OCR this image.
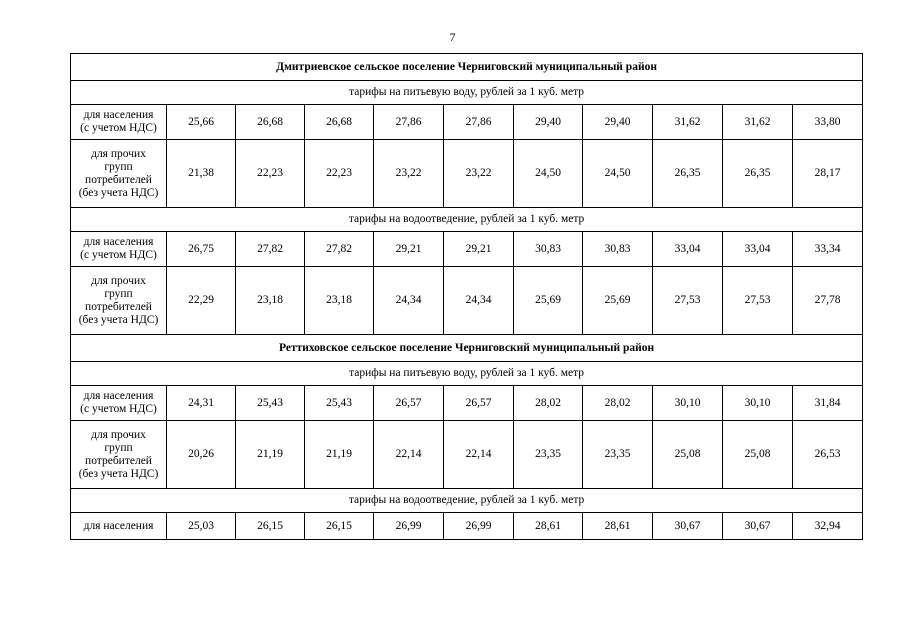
7
Дмитриевское сельское поселение Черниговский муниципальный район										
тарифы на питьевую воду, рублей за 1 куб. метр										
для населения
(с учетом НДС)	25,66	26,68	26,68	27,86	27,86	29,40	29,40	31,62	31,62	33,80
для прочих
групп
потребителей
(без учета НДС)	21,38	22,23	22,23	23,22	23,22	24,50	24,50	26,35	26,35	28,17
тарифы на водоотведение, рублей за 1 куб. метр										
для населения
(с учетом НДС)	26,75	27,82	27,82	29,21	29,21	30,83	30,83	33,04	33,04	33,34
для прочих
групп
потребителей
(без учета НДС)	22,29	23,18	23,18	24,34	24,34	25,69	25,69	27,53	27,53	27,78
Реттиховское сельское поселение Черниговский муниципальный район										
тарифы на питьевую воду, рублей за 1 куб. метр										
для населения
(с учетом НДС)	24,31	25,43	25,43	26,57	26,57	28,02	28,02	30,10	30,10	31,84
для прочих
групп
потребителей
(без учета НДС)	20,26	21,19	21,19	22,14	22,14	23,35	23,35	25,08	25,08	26,53
тарифы на водоотведение, рублей за 1 куб. метр										
для населения	25,03	26,15	26,15	26,99	26,99	28,61	28,61	30,67	30,67	32,94
